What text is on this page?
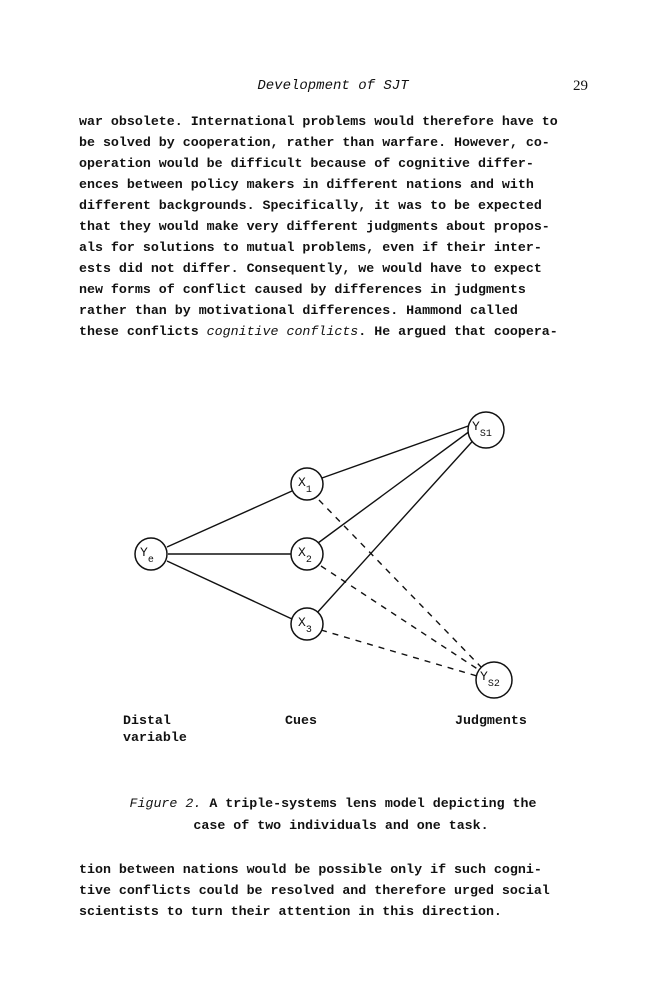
Development of SJT	29
war obsolete. International problems would therefore have to
be solved by cooperation, rather than warfare. However, co-
operation would be difficult because of cognitive differ-
ences between policy makers in different nations and with
different backgrounds. Specifically, it was to be expected
that they would make very different judgments about propos-
als for solutions to mutual problems, even if their inter-
ests did not differ. Consequently, we would have to expect
new forms of conflict caused by differences in judgments
rather than by motivational differences. Hammond called
these conflicts cognitive conflicts. He argued that coopera-
$Y_e$
$X_1$
$X_2$
$X_3$
$Y_{S1}$
$Y_{S2}$
Distal
variable
Cues	Judgments
Figure 2. A triple-systems lens model depicting the
case of two individuals and one task.
tion between nations would be possible only if such cogni-
tive conflicts could be resolved and therefore urged social
scientists to turn their attention in this direction.
